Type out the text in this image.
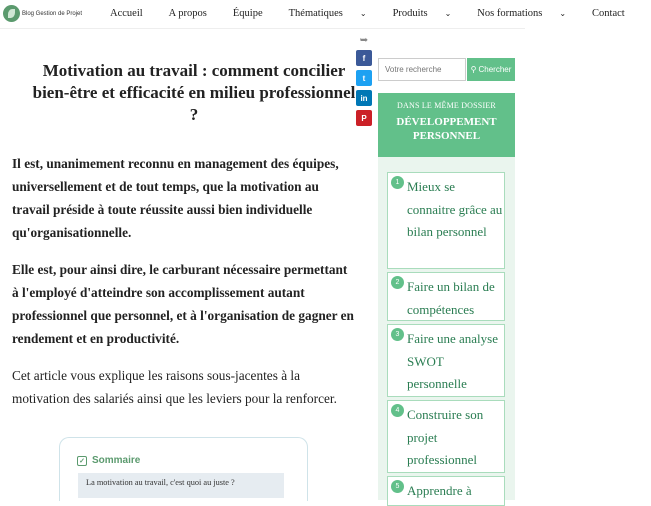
Blog Gestion de Projet	Accueil A propos Équipe Thématiques ⌄ Produits ⌄ Nos formations ⌄ Contact
➥
f
t
in
P
Motivation au travail : comment concilier bien-être et efficacité en milieu professionnel ?

Il est, unanimement reconnu en management des équipes, universellement et de tout temps, que la motivation au travail préside à toute réussite aussi bien individuelle qu'organisationnelle.

Elle est, pour ainsi dire, le carburant nécessaire permettant à l'employé d'atteindre son accomplissement autant professionnel que personnel, et à l'organisation de gagner en rendement et en productivité.

Cet article vous explique les raisons sous-jacentes à la motivation des salariés ainsi que les leviers pour la renforcer.

✓ Sommaire
La motivation au travail, c'est quoi au juste ?
Votre recherche
⚲ Chercher
DANS LE MÊME DOSSIER
DÉVELOPPEMENT PERSONNEL
1 Mieux se connaitre grâce au bilan personnel
2 Faire un bilan de compétences
3 Faire une analyse SWOT personnelle
4 Construire son projet professionnel
5 Apprendre à
